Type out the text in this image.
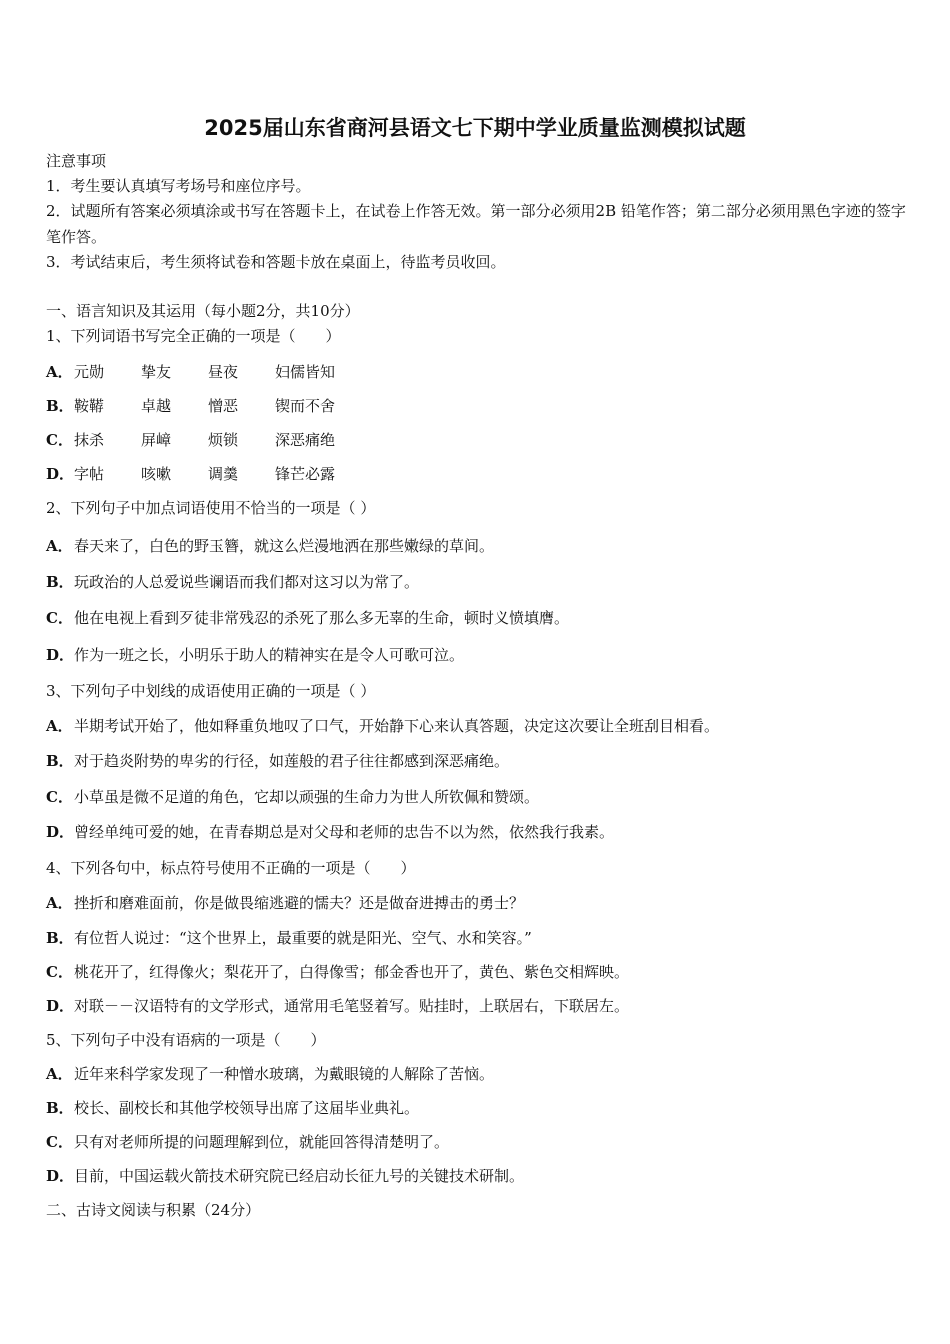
2025届山东省商河县语文七下期中学业质量监测模拟试题
注意事项
1．考生要认真填写考场号和座位序号。
2．试题所有答案必须填涂或书写在答题卡上，在试卷上作答无效。第一部分必须用2B 铅笔作答；第二部分必须用黑色字迹的签字笔作答。
3．考试结束后，考生须将试卷和答题卡放在桌面上，待监考员收回。
一、语言知识及其运用（每小题2分，共10分）
1、下列词语书写完全正确的一项是（　　）
A．元勋 挚友 昼夜 妇儒皆知
B．鞍鞯 卓越 憎恶 锲而不舍
C．抹杀 屏嶂 烦锁 深恶痛绝
D．字帖 咳嗽 调羹 锋芒必露
2、下列句子中加点词语使用不恰当的一项是（ ）
A．春天来了，白色的野玉簪，就这么烂漫地洒在那些嫩绿的草间。
B．玩政治的人总爱说些谰语而我们都对这习以为常了。
C．他在电视上看到歹徒非常残忍的杀死了那么多无辜的生命，顿时义愤填膺。
D．作为一班之长，小明乐于助人的精神实在是令人可歌可泣。
3、下列句子中划线的成语使用正确的一项是（ ）
A．半期考试开始了，他如释重负地叹了口气，开始静下心来认真答题，决定这次要让全班刮目相看。
B．对于趋炎附势的卑劣的行径，如莲般的君子往往都感到深恶痛绝。
C．小草虽是微不足道的角色，它却以顽强的生命力为世人所钦佩和赞颂。
D．曾经单纯可爱的她，在青春期总是对父母和老师的忠告不以为然，依然我行我素。
4、下列各句中，标点符号使用不正确的一项是（　　）
A．挫折和磨难面前，你是做畏缩逃避的懦夫？还是做奋进搏击的勇士？
B．有位哲人说过：“这个世界上，最重要的就是阳光、空气、水和笑容。”
C．桃花开了，红得像火；梨花开了，白得像雪；郁金香也开了，黄色、紫色交相辉映。
D．对联－－汉语特有的文学形式，通常用毛笔竖着写。贴挂时，上联居右，下联居左。
5、下列句子中没有语病的一项是（　　）
A．近年来科学家发现了一种憎水玻璃，为戴眼镜的人解除了苦恼。
B．校长、副校长和其他学校领导出席了这届毕业典礼。
C．只有对老师所提的问题理解到位，就能回答得清楚明了。
D．目前，中国运载火箭技术研究院已经启动长征九号的关键技术研制。
二、古诗文阅读与积累（24分）
